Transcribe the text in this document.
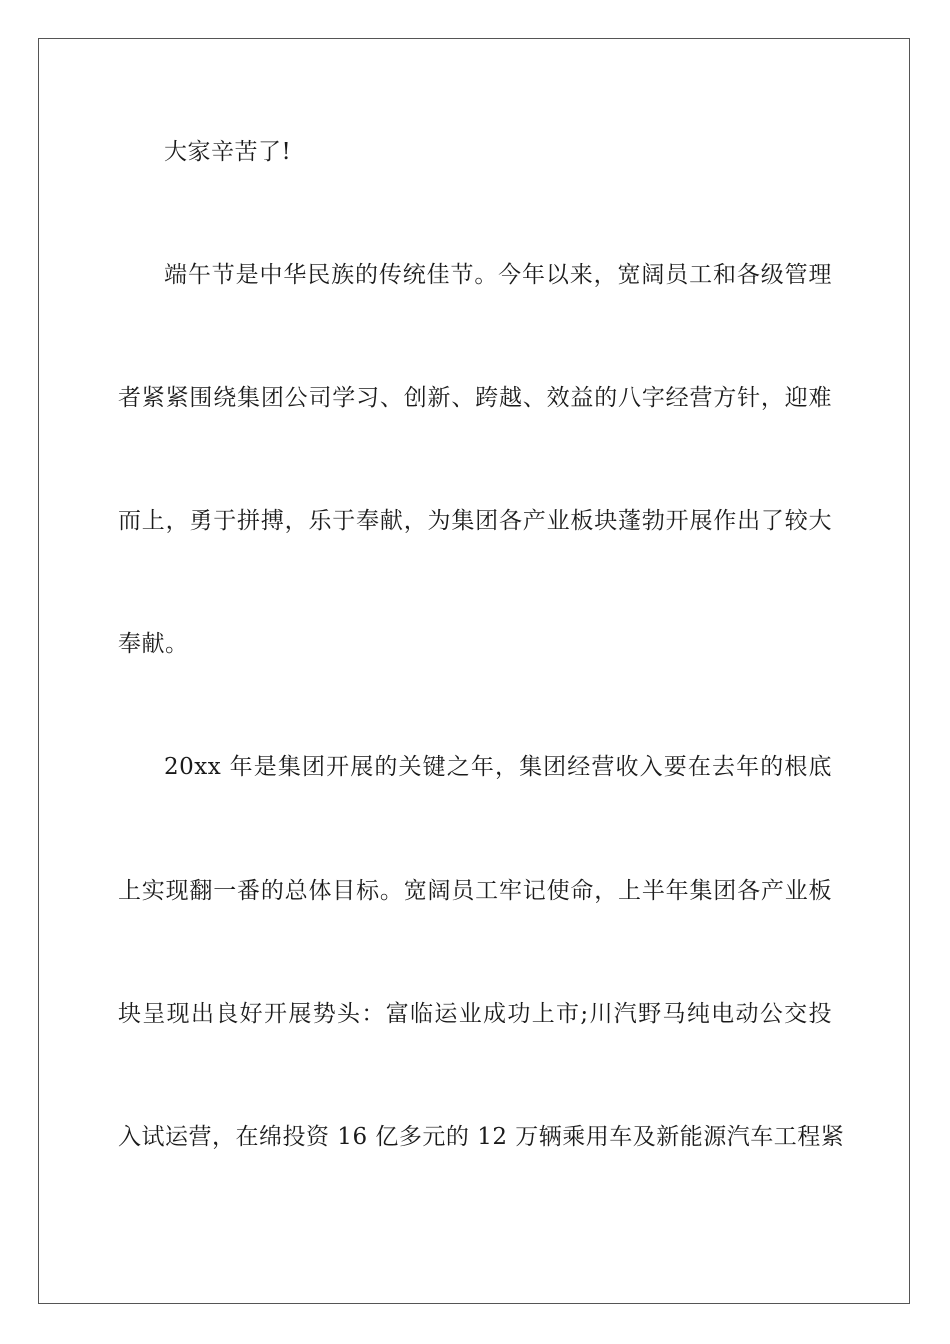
大家辛苦了!
端午节是中华民族的传统佳节。今年以来，宽阔员工和各级管理
者紧紧围绕集团公司学习、创新、跨越、效益的八字经营方针，迎难
而上，勇于拼搏，乐于奉献，为集团各产业板块蓬勃开展作出了较大
奉献。
20xx 年是集团开展的关键之年，集团经营收入要在去年的根底
上实现翻一番的总体目标。宽阔员工牢记使命，上半年集团各产业板
块呈现出良好开展势头：富临运业成功上市;川汽野马纯电动公交投
入试运营，在绵投资 16 亿多元的 12 万辆乘用车及新能源汽车工程紧
